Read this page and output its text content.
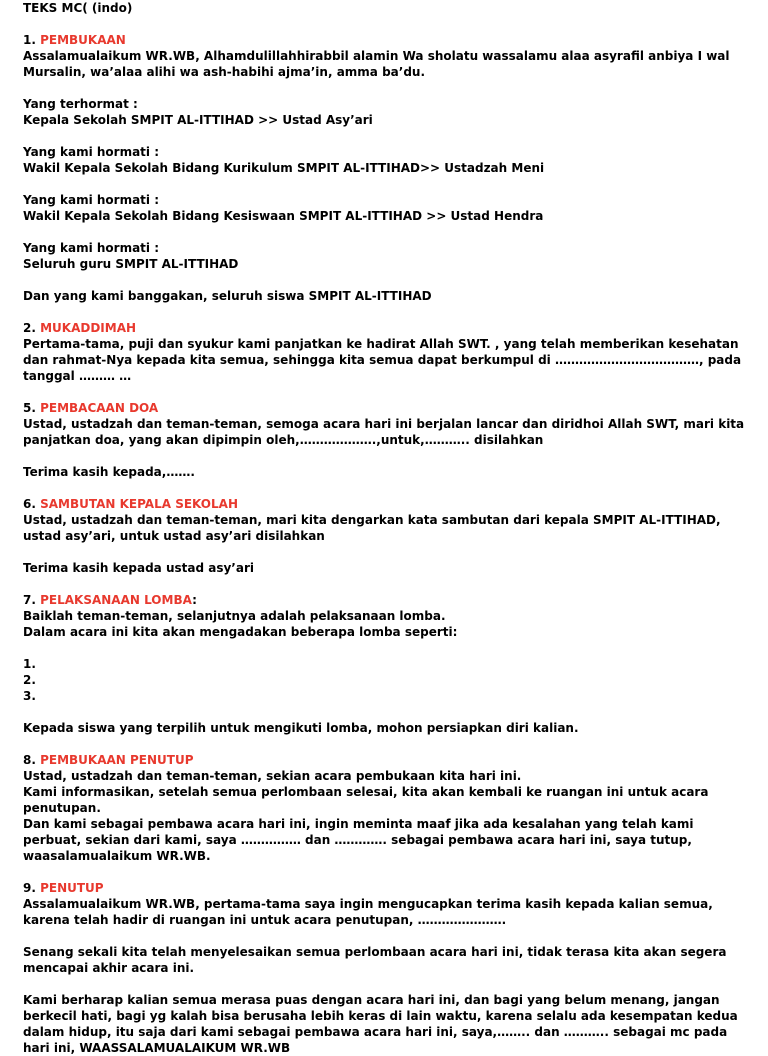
TEKS MC( (indo)
1. PEMBUKAAN
Assalamualaikum WR.WB, Alhamdulillahhirabbil alamin Wa sholatu wassalamu alaa asyrafil anbiya I wal Mursalin, wa’alaa alihi wa ash-habihi ajma’in, amma ba’du.
Yang terhormat :
Kepala Sekolah SMPIT AL-ITTIHAD >> Ustad Asy’ari
Yang kami hormati :
Wakil Kepala Sekolah Bidang Kurikulum SMPIT AL-ITTIHAD>> Ustadzah Meni
Yang kami hormati :
Wakil Kepala Sekolah Bidang Kesiswaan SMPIT AL-ITTIHAD >> Ustad Hendra
Yang kami hormati :
Seluruh guru SMPIT AL-ITTIHAD
Dan yang kami banggakan, seluruh siswa SMPIT AL-ITTIHAD
2. MUKADDIMAH
Pertama-tama, puji dan syukur kami panjatkan ke hadirat Allah SWT. , yang telah memberikan kesehatan dan rahmat-Nya kepada kita semua, sehingga kita semua dapat berkumpul di ………………………………, pada tanggal ……… …
5. PEMBACAAN DOA
Ustad, ustadzah dan teman-teman, semoga acara hari ini berjalan lancar dan diridhoi Allah SWT, mari kita panjatkan doa, yang akan dipimpin oleh,……………….,untuk,……….. disilahkan
Terima kasih kepada,…….
6. SAMBUTAN KEPALA SEKOLAH
Ustad, ustadzah dan teman-teman, mari kita dengarkan kata sambutan dari kepala SMPIT AL-ITTIHAD, ustad asy’ari, untuk ustad asy’ari disilahkan
Terima kasih kepada ustad asy’ari
7. PELAKSANAAN LOMBA:
Baiklah teman-teman, selanjutnya adalah pelaksanaan lomba.
Dalam acara ini kita akan mengadakan beberapa lomba seperti:
1.
2.
3.
Kepada siswa yang terpilih untuk mengikuti lomba, mohon persiapkan diri kalian.
8. PEMBUKAAN PENUTUP
Ustad, ustadzah dan teman-teman, sekian acara pembukaan kita hari ini.
Kami informasikan, setelah semua perlombaan selesai, kita akan kembali ke ruangan ini untuk acara penutupan.
Dan kami sebagai pembawa acara hari ini, ingin meminta maaf jika ada kesalahan yang telah kami perbuat, sekian dari kami, saya …………… dan …………. sebagai pembawa acara hari ini, saya tutup, waasalamualaikum WR.WB.
9. PENUTUP
Assalamualaikum WR.WB, pertama-tama saya ingin mengucapkan terima kasih kepada kalian semua, karena telah hadir di ruangan ini untuk acara penutupan, ………………….
Senang sekali kita telah menyelesaikan semua perlombaan acara hari ini, tidak terasa kita akan segera mencapai akhir acara ini.
Kami berharap kalian semua merasa puas dengan acara hari ini, dan bagi yang belum menang, jangan berkecil hati, bagi yg kalah bisa berusaha lebih keras di lain waktu, karena selalu ada kesempatan kedua dalam hidup, itu saja dari kami sebagai pembawa acara hari ini, saya,…….. dan ……….. sebagai mc pada hari ini, WAASSALAMUALAIKUM WR.WB
